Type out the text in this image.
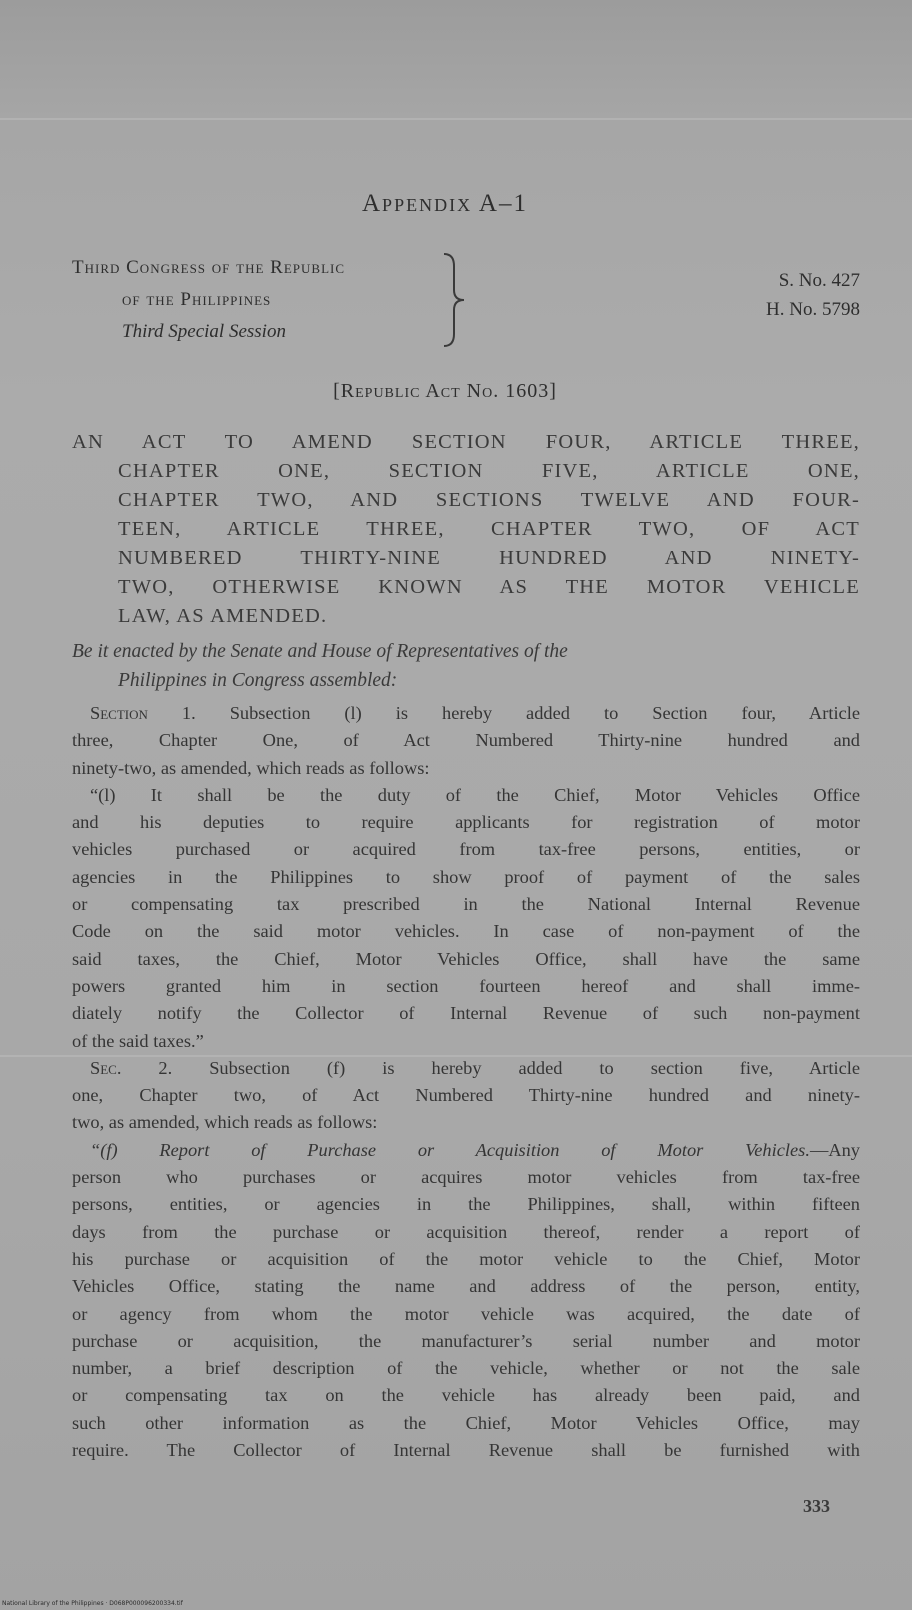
Appendix A–1
Third Congress of the Republic
of the Philippines
Third Special Session
S. No. 427
H. No. 5798
[Republic Act No. 1603]
AN ACT TO AMEND SECTION FOUR, ARTICLE THREE,
CHAPTER ONE, SECTION FIVE, ARTICLE ONE,
CHAPTER TWO, AND SECTIONS TWELVE AND FOUR-
TEEN, ARTICLE THREE, CHAPTER TWO, OF ACT
NUMBERED THIRTY-NINE HUNDRED AND NINETY-
TWO, OTHERWISE KNOWN AS THE MOTOR VEHICLE
LAW, AS AMENDED.
Be it enacted by the Senate and House of Representatives of the
Philippines in Congress assembled:
Section 1. Subsection (l) is hereby added to Section four, Article
three, Chapter One, of Act Numbered Thirty-nine hundred and
ninety-two, as amended, which reads as follows:
“(l) It shall be the duty of the Chief, Motor Vehicles Office
and his deputies to require applicants for registration of motor
vehicles purchased or acquired from tax-free persons, entities, or
agencies in the Philippines to show proof of payment of the sales
or compensating tax prescribed in the National Internal Revenue
Code on the said motor vehicles. In case of non-payment of the
said taxes, the Chief, Motor Vehicles Office, shall have the same
powers granted him in section fourteen hereof and shall imme-
diately notify the Collector of Internal Revenue of such non-payment
of the said taxes.”
Sec. 2. Subsection (f) is hereby added to section five, Article
one, Chapter two, of Act Numbered Thirty-nine hundred and ninety-
two, as amended, which reads as follows:
“(f) Report of Purchase or Acquisition of Motor Vehicles.—Any
person who purchases or acquires motor vehicles from tax-free
persons, entities, or agencies in the Philippines, shall, within fifteen
days from the purchase or acquisition thereof, render a report of
his purchase or acquisition of the motor vehicle to the Chief, Motor
Vehicles Office, stating the name and address of the person, entity,
or agency from whom the motor vehicle was acquired, the date of
purchase or acquisition, the manufacturer’s serial number and motor
number, a brief description of the vehicle, whether or not the sale
or compensating tax on the vehicle has already been paid, and
such other information as the Chief, Motor Vehicles Office, may
require. The Collector of Internal Revenue shall be furnished with
333
National Library of the Philippines · D068P000096200334.tif
